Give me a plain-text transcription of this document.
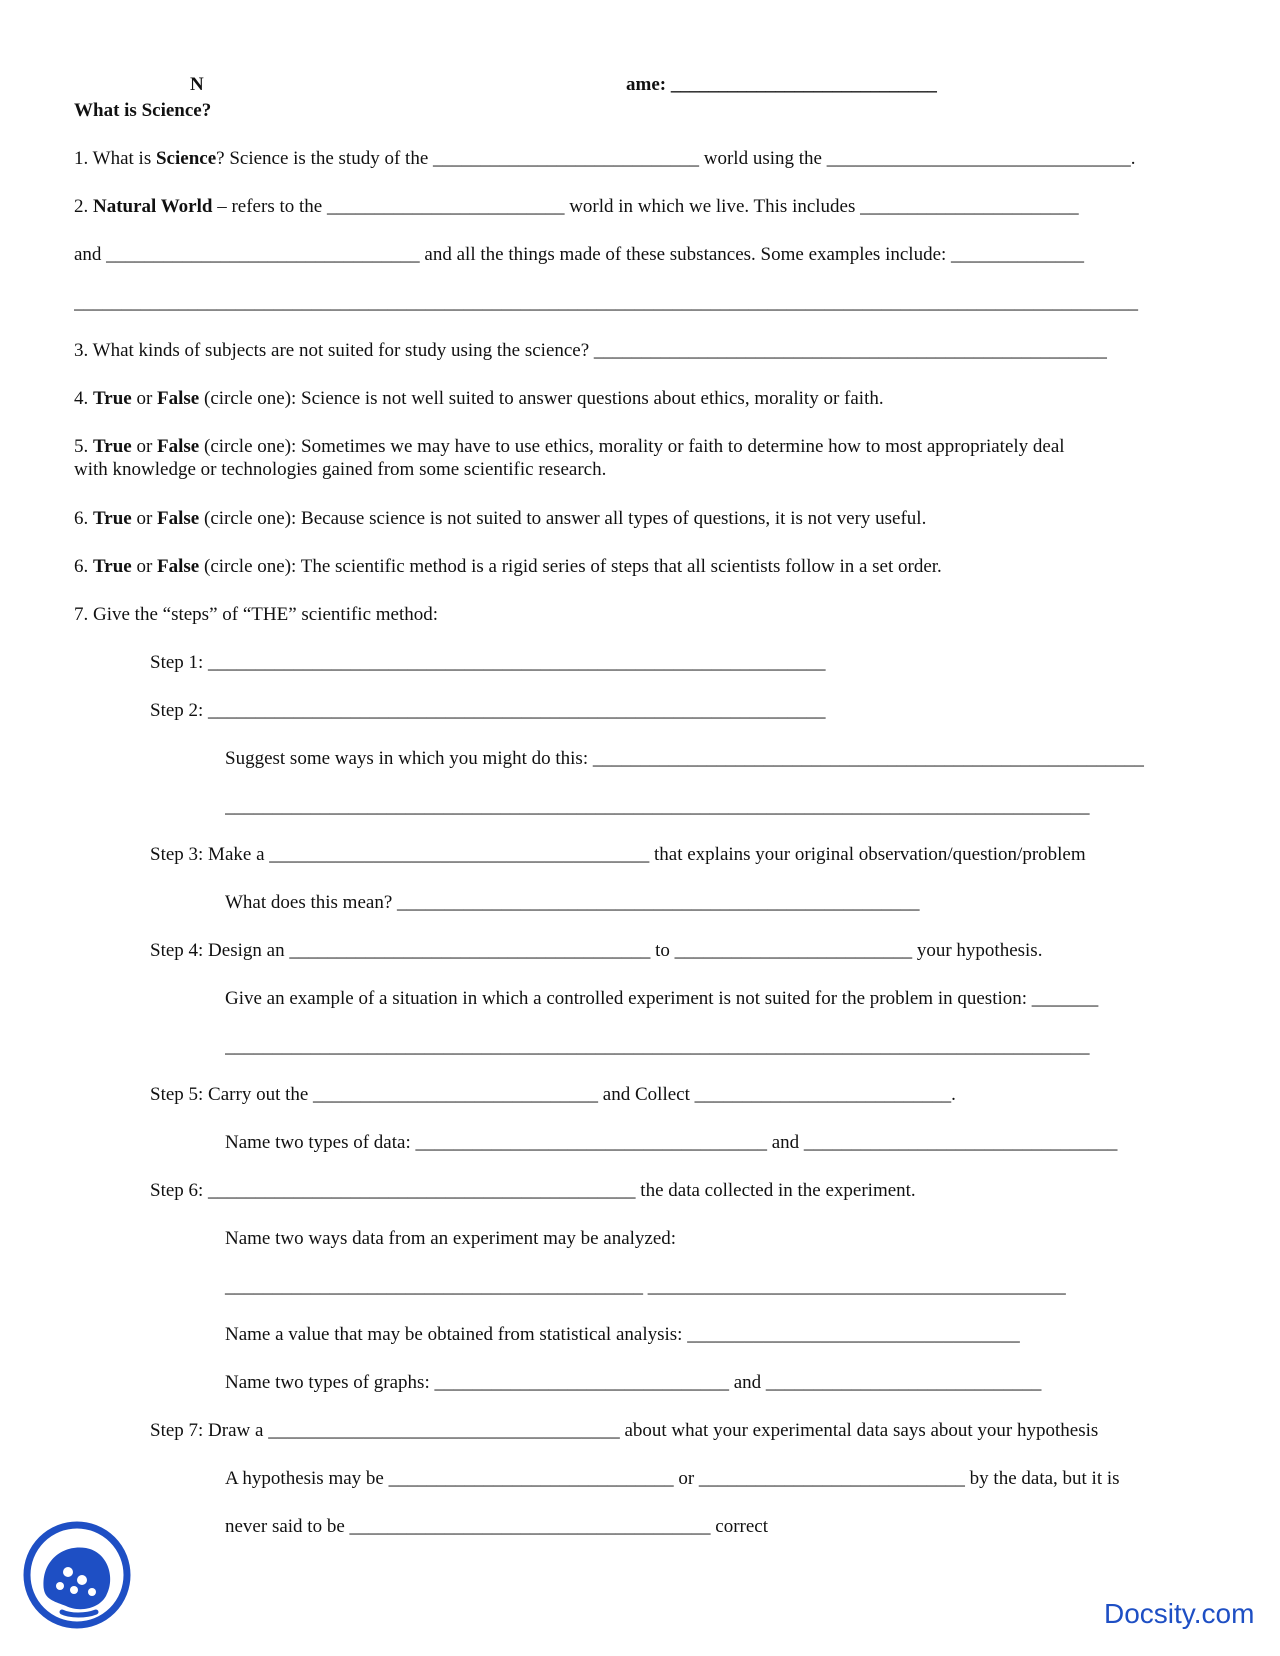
N	ame: ____________________________
What is Science?
1. What is Science? Science is the study of the ____________________________ world using the ________________________________.
2. Natural World – refers to the _________________________ world in which we live. This includes _______________________
and _________________________________ and all the things made of these substances. Some examples include: ______________
________________________________________________________________________________________________________________
3. What kinds of subjects are not suited for study using the science? ______________________________________________________
4. True or False (circle one): Science is not well suited to answer questions about ethics, morality or faith.
5. True or False (circle one): Sometimes we may have to use ethics, morality or faith to determine how to most appropriately deal
with knowledge or technologies gained from some scientific research.
6. True or False (circle one): Because science is not suited to answer all types of questions, it is not very useful.
6. True or False (circle one): The scientific method is a rigid series of steps that all scientists follow in a set order.
7. Give the “steps” of “THE” scientific method:
Step 1: _________________________________________________________________
Step 2: _________________________________________________________________
Suggest some ways in which you might do this: __________________________________________________________
___________________________________________________________________________________________
Step 3: Make a ________________________________________ that explains your original observation/question/problem
What does this mean? _______________________________________________________
Step 4: Design an ______________________________________ to _________________________ your hypothesis.
Give an example of a situation in which a controlled experiment is not suited for the problem in question: _______
___________________________________________________________________________________________
Step 5: Carry out the ______________________________ and Collect ___________________________.
Name two types of data: _____________________________________ and _________________________________
Step 6: _____________________________________________ the data collected in the experiment.
Name two ways data from an experiment may be analyzed:
____________________________________________ ____________________________________________
Name a value that may be obtained from statistical analysis: ___________________________________
Name two types of graphs: _______________________________ and _____________________________
Step 7: Draw a _____________________________________ about what your experimental data says about your hypothesis
A hypothesis may be ______________________________ or ____________________________ by the data, but it is
never said to be ______________________________________ correct
Docsity.com
